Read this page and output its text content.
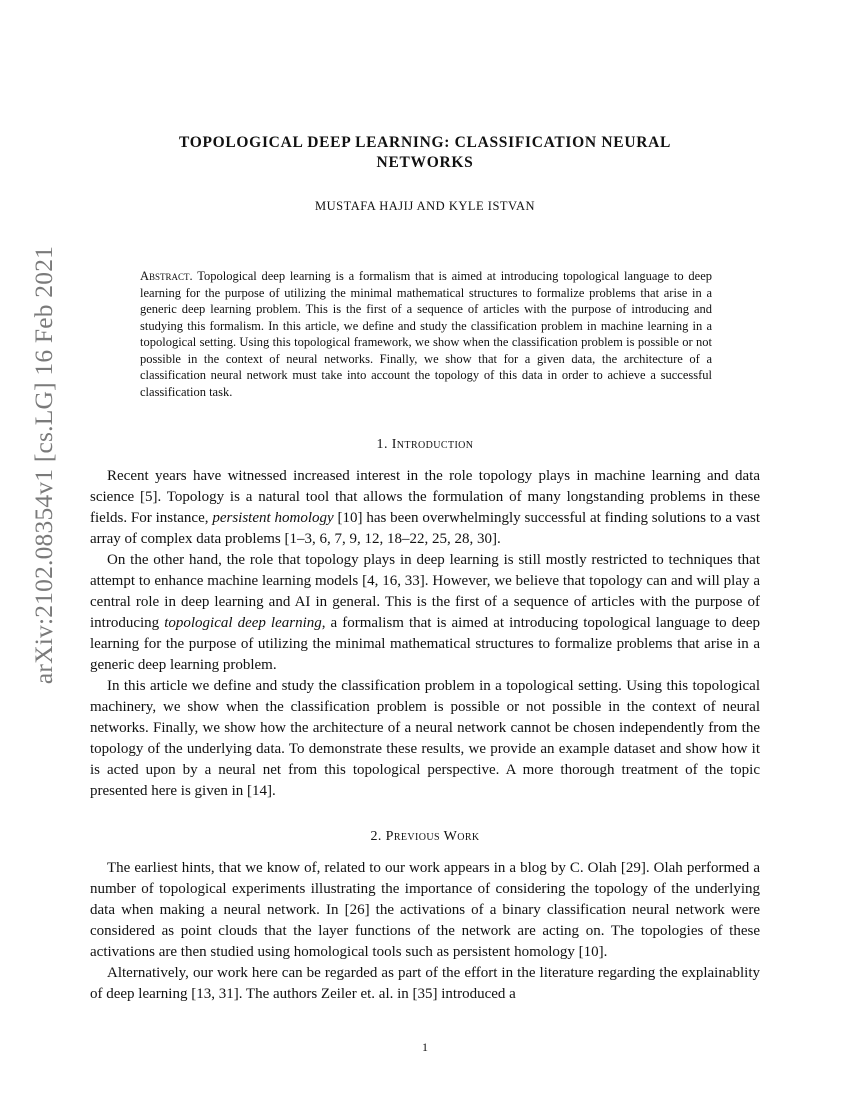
arXiv:2102.08354v1 [cs.LG] 16 Feb 2021
TOPOLOGICAL DEEP LEARNING: CLASSIFICATION NEURAL
NETWORKS
MUSTAFA HAJIJ AND KYLE ISTVAN
Abstract. Topological deep learning is a formalism that is aimed at introducing topological language to deep learning for the purpose of utilizing the minimal mathematical structures to formalize problems that arise in a generic deep learning problem. This is the first of a sequence of articles with the purpose of introducing and studying this formalism. In this article, we define and study the classification problem in machine learning in a topological setting. Using this topological framework, we show when the classification problem is possible or not possible in the context of neural networks. Finally, we show that for a given data, the architecture of a classification neural network must take into account the topology of this data in order to achieve a successful classification task.
1. Introduction

Recent years have witnessed increased interest in the role topology plays in machine learning and data science [5]. Topology is a natural tool that allows the formulation of many longstanding problems in these fields. For instance, persistent homology [10] has been overwhelmingly successful at finding solutions to a vast array of complex data problems [1–3, 6, 7, 9, 12, 18–22, 25, 28, 30].

On the other hand, the role that topology plays in deep learning is still mostly restricted to techniques that attempt to enhance machine learning models [4, 16, 33]. However, we believe that topology can and will play a central role in deep learning and AI in general. This is the first of a sequence of articles with the purpose of introducing topological deep learning, a formalism that is aimed at introducing topological language to deep learning for the purpose of utilizing the minimal mathematical structures to formalize problems that arise in a generic deep learning problem.

In this article we define and study the classification problem in a topological setting. Using this topological machinery, we show when the classification problem is possible or not possible in the context of neural networks. Finally, we show how the architecture of a neural network cannot be chosen independently from the topology of the underlying data. To demonstrate these results, we provide an example dataset and show how it is acted upon by a neural net from this topological perspective. A more thorough treatment of the topic presented here is given in [14].

2. Previous Work

The earliest hints, that we know of, related to our work appears in a blog by C. Olah [29]. Olah performed a number of topological experiments illustrating the importance of considering the topology of the underlying data when making a neural network. In [26] the activations of a binary classification neural network were considered as point clouds that the layer functions of the network are acting on. The topologies of these activations are then studied using homological tools such as persistent homology [10].

Alternatively, our work here can be regarded as part of the effort in the literature regarding the explainablity of deep learning [13, 31]. The authors Zeiler et. al. in [35] introduced a

1
